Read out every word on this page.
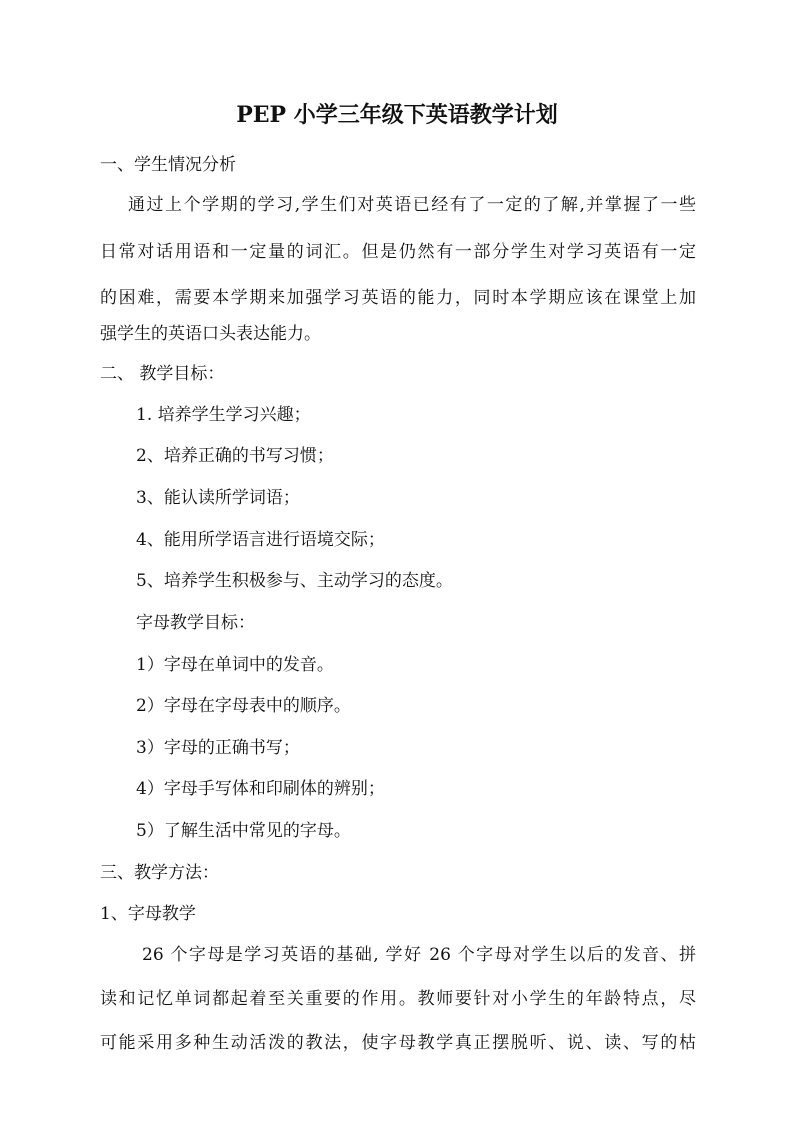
PEP 小学三年级下英语教学计划
一、学生情况分析
通过上个学期的学习,学生们对英语已经有了一定的了解,并掌握了一些
日常对话用语和一定量的词汇。但是仍然有一部分学生对学习英语有一定
的困难，需要本学期来加强学习英语的能力，同时本学期应该在课堂上加
强学生的英语口头表达能力。
二、 教学目标：
1. 培养学生学习兴趣；
2、培养正确的书写习惯；
3、能认读所学词语；
4、能用所学语言进行语境交际；
5、培养学生积极参与、主动学习的态度。
字母教学目标：
1）字母在单词中的发音。
2）字母在字母表中的顺序。
3）字母的正确书写；
4）字母手写体和印刷体的辨别；
5）了解生活中常见的字母。
三、教学方法：
1、字母教学
26 个字母是学习英语的基础, 学好 26 个字母对学生以后的发音、拼
读和记忆单词都起着至关重要的作用。教师要针对小学生的年龄特点，尽
可能采用多种生动活泼的教法，使字母教学真正摆脱听、说、读、写的枯
